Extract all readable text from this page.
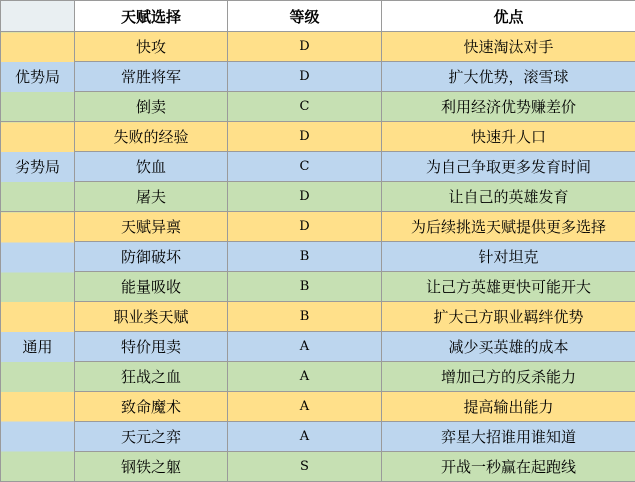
	天赋选择	等级	优点
优势局	快攻	D	快速淘汰对手
	常胜将军	D	扩大优势，滚雪球
	倒卖	C	利用经济优势赚差价
劣势局	失败的经验	D	快速升人口
	饮血	C	为自己争取更多发育时间
	屠夫	D	让自己的英雄发育
通用	天赋异禀	D	为后续挑选天赋提供更多选择
	防御破坏	B	针对坦克
	能量吸收	B	让己方英雄更快可能开大
	职业类天赋	B	扩大己方职业羁绊优势
	特价甩卖	A	减少买英雄的成本
	狂战之血	A	增加己方的反杀能力
	致命魔术	A	提高输出能力
	天元之弈	A	弈星大招谁用谁知道
	钢铁之躯	S	开战一秒赢在起跑线
